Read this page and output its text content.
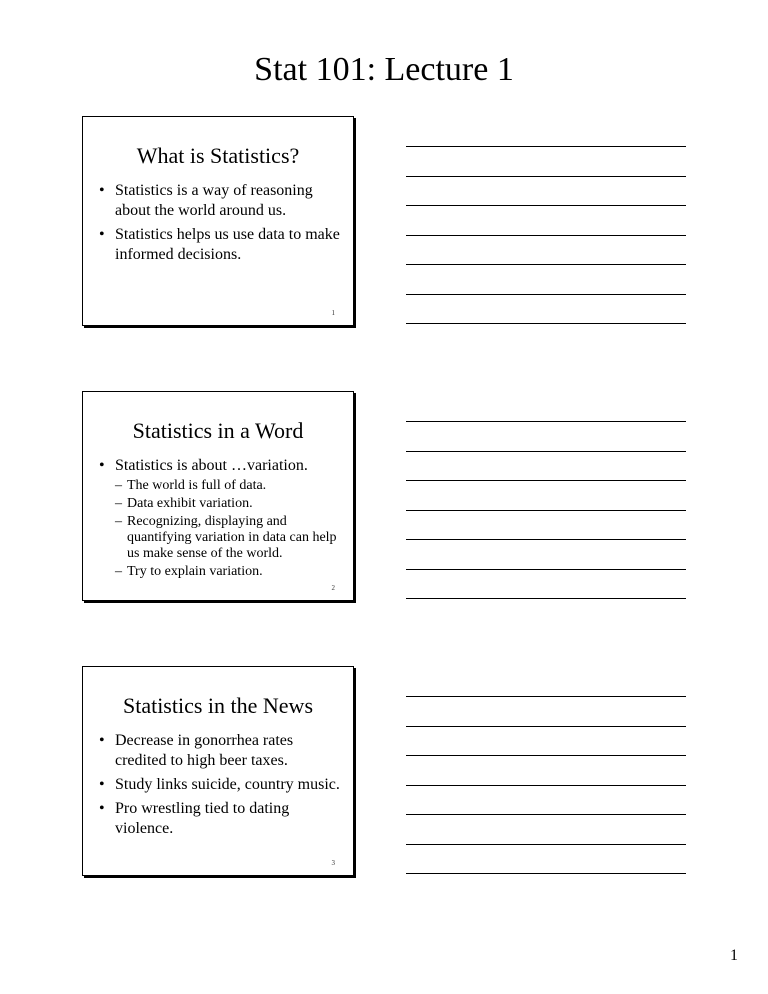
Stat 101: Lecture 1
What is Statistics?
• Statistics is a way of reasoning about the world around us.
• Statistics helps us use data to make informed decisions.
1
Statistics in a Word
• Statistics is about …variation.
– The world is full of data.
– Data exhibit variation.
– Recognizing, displaying and quantifying variation in data can help us make sense of the world.
– Try to explain variation.
2
Statistics in the News
• Decrease in gonorrhea rates credited to high beer taxes.
• Study links suicide, country music.
• Pro wrestling tied to dating violence.
3
1
